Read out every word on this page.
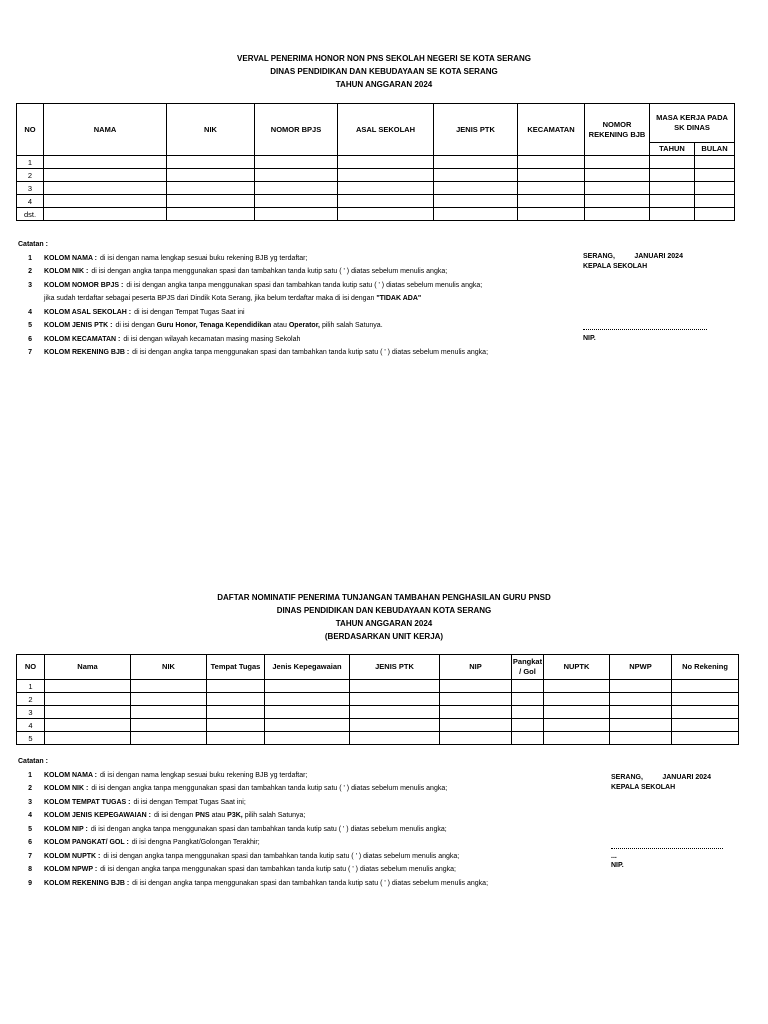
VERVAL PENERIMA HONOR NON PNS SEKOLAH NEGERI SE KOTA SERANG
DINAS PENDIDIKAN DAN KEBUDAYAAN SE KOTA SERANG
TAHUN ANGGARAN 2024
NO	NAMA	NIK	NOMOR BPJS	ASAL SEKOLAH	JENIS PTK	KECAMATAN	NOMOR REKENING BJB	MASA KERJA PADA SK DINAS	
								TAHUN	BULAN
1									
2									
3									
4									
dst.									
Catatan :
1 KOLOM NAMA : di isi dengan nama lengkap sesuai buku rekening BJB yg terdaftar;
2 KOLOM NIK : di isi dengan angka tanpa menggunakan spasi dan tambahkan tanda kutip satu ( ' ) diatas sebelum menulis angka;
3 KOLOM NOMOR BPJS : di isi dengan angka tanpa menggunakan spasi dan tambahkan tanda kutip satu ( ' ) diatas sebelum menulis angka;
jika sudah terdaftar sebagai peserta BPJS dari Dindik Kota Serang, jika belum terdaftar maka di isi dengan
"TIDAK ADA"
4 KOLOM ASAL SEKOLAH : di isi dengan Tempat Tugas Saat ini
5 KOLOM JENIS PTK : di isi dengan
Guru Honor, Tenaga Kependidikan
atau
Operator,
pilih salah Satunya.
6 KOLOM KECAMATAN : di isi dengan wilayah kecamatan masing masing Sekolah
7 KOLOM REKENING BJB : di isi dengan angka tanpa menggunakan spasi dan tambahkan tanda kutip satu ( ' ) diatas sebelum menulis angka;
SERANG,          JANUARI 2024
KEPALA SEKOLAH
NIP.
DAFTAR NOMINATIF PENERIMA TUNJANGAN TAMBAHAN PENGHASILAN GURU PNSD
DINAS PENDIDIKAN DAN KEBUDAYAAN KOTA SERANG
TAHUN ANGGARAN 2024
(BERDASARKAN UNIT KERJA)
NO	Nama	NIK	Tempat Tugas	Jenis Kepegawaian	JENIS PTK	NIP	Pangkat / Gol	NUPTK	NPWP	No Rekening
1										
2										
3										
4										
5										
Catatan :
1 KOLOM NAMA : di isi dengan nama lengkap sesuai buku rekening BJB yg terdaftar;
2 KOLOM NIK : di isi dengan angka tanpa menggunakan spasi dan tambahkan tanda kutip satu ( ' ) diatas sebelum menulis angka;
3 KOLOM TEMPAT TUGAS : di isi dengan Tempat Tugas Saat ini;
4 KOLOM JENIS KEPEGAWAIAN : di isi dengan
PNS
atau
P3K,
pilih salah Satunya;
5 KOLOM NIP : di isi dengan angka tanpa menggunakan spasi dan tambahkan tanda kutip satu ( ' ) diatas sebelum menulis angka;
6 KOLOM PANGKAT/ GOL : di isi dengna Pangkat/Golongan Terakhir;
7 KOLOM NUPTK : di isi dengan angka tanpa menggunakan spasi dan tambahkan tanda kutip satu ( ' ) diatas sebelum menulis angka;
8 KOLOM NPWP : di isi dengan angka tanpa menggunakan spasi dan tambahkan tanda kutip satu ( ' ) diatas sebelum menulis angka;
9 KOLOM REKENING BJB : di isi dengan angka tanpa menggunakan spasi dan tambahkan tanda kutip satu ( ' ) diatas sebelum menulis angka;
SERANG,          JANUARI 2024
KEPALA SEKOLAH
...
NIP.
